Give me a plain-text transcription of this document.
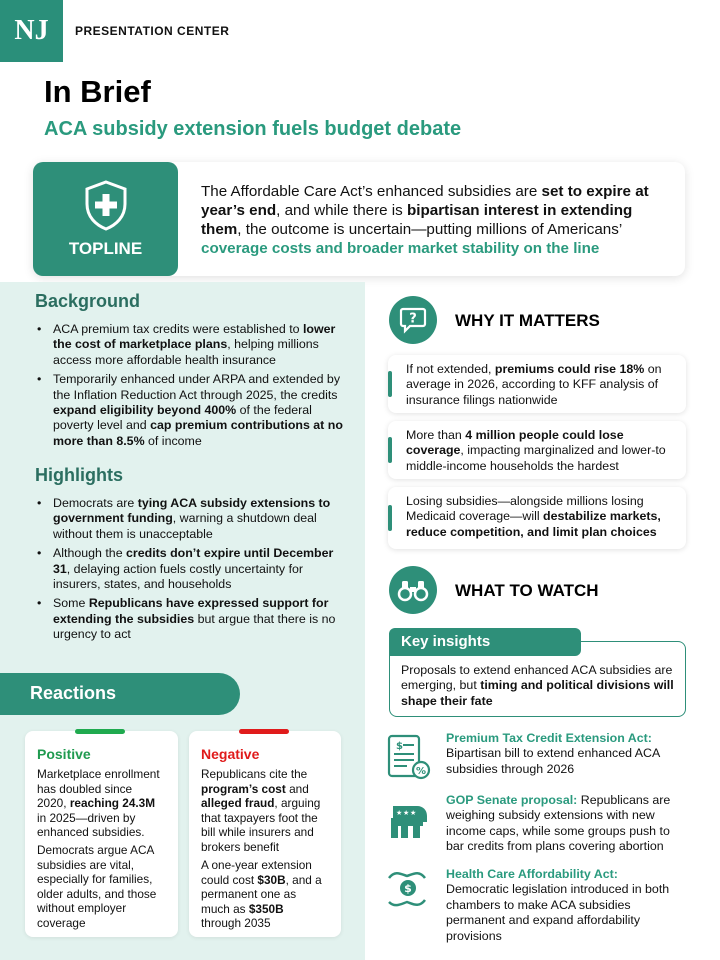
NJ	PRESENTATION CENTER
In Brief
ACA subsidy extension fuels budget debate
TOPLINE
The Affordable Care Act’s enhanced subsidies are set to expire at year’s end, and while there is bipartisan interest in extending them, the outcome is uncertain—putting millions of Americans’ coverage costs and broader market stability on the line
Background
• ACA premium tax credits were established to lower the cost of marketplace plans, helping millions access more affordable health insurance
• Temporarily enhanced under ARPA and extended by the Inflation Reduction Act through 2025, the credits expand eligibility beyond 400% of the federal poverty level and cap premium contributions at no more than 8.5% of income
Highlights
• Democrats are tying ACA subsidy extensions to government funding, warning a shutdown deal without them is unacceptable
• Although the credits don’t expire until December 31, delaying action fuels costly uncertainty for insurers, states, and households
• Some Republicans have expressed support for extending the subsidies but argue that there is no urgency to act
Reactions
Positive
Marketplace enrollment has doubled since 2020, reaching 24.3M in 2025—driven by enhanced subsidies.
Democrats argue ACA subsidies are vital, especially for families, older adults, and those without employer coverage
Negative
Republicans cite the program’s cost and alleged fraud, arguing that taxpayers foot the bill while insurers and brokers benefit
A one-year extension could cost $30B, and a permanent one as much as $350B through 2035
? WHY IT MATTERS

If not extended, premiums could rise 18% on average in 2026, according to KFF analysis of insurance filings nationwide

More than 4 million people could lose coverage, impacting marginalized and lower-to middle-income households the hardest

Losing subsidies—alongside millions losing Medicaid coverage—will destabilize markets, reduce competition, and limit plan choices

WHAT TO WATCH
Key insights
Proposals to extend enhanced ACA subsidies are emerging, but timing and political divisions will shape their fate
$
%
Premium Tax Credit Extension Act:
Bipartisan bill to extend enhanced ACA subsidies through 2026
★ ★ ★
GOP Senate proposal: Republicans are weighing subsidy extensions with new income caps, while some groups push to bar credits from plans covering abortion
$
Health Care Affordability Act:
Democratic legislation introduced in both chambers to make ACA subsidies permanent and expand affordability provisions
